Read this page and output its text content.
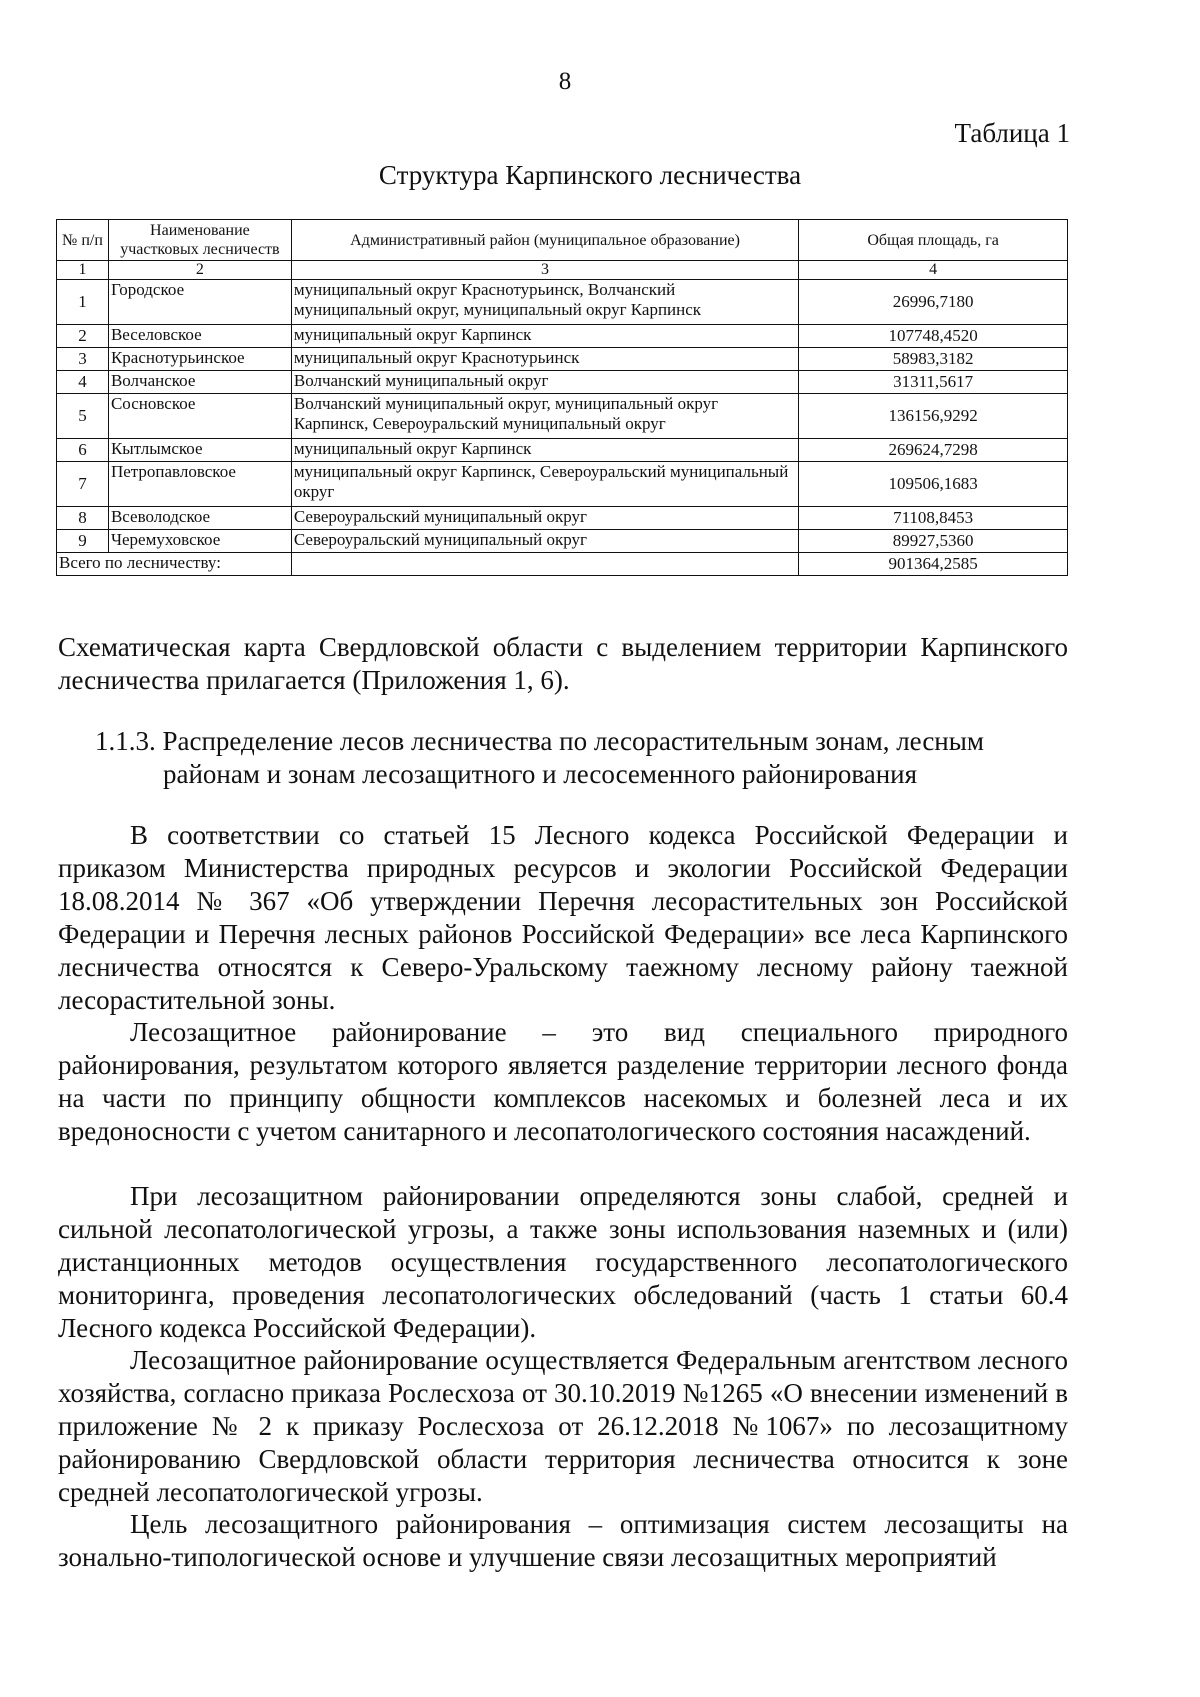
8
Таблица 1
Структура Карпинского лесничества
№ п/п	Наименование участковых лесничеств	Административный район (муниципальное образование)	Общая площадь, га
1	2	3	4
1	Городское	муниципальный округ Краснотурьинск, Волчанский муниципальный округ, муниципальный округ Карпинск	26996,7180
2	Веселовское	муниципальный округ Карпинск	107748,4520
3	Краснотурьинское	муниципальный округ Краснотурьинск	58983,3182
4	Волчанское	Волчанский муниципальный округ	31311,5617
5	Сосновское	Волчанский муниципальный округ, муниципальный округ Карпинск, Североуральский муниципальный округ	136156,9292
6	Кытлымское	муниципальный округ Карпинск	269624,7298
7	Петропавловское	муниципальный округ Карпинск, Североуральский муниципальный округ	109506,1683
8	Всеволодское	Североуральский муниципальный округ	71108,8453
9	Черемуховское	Североуральский муниципальный округ	89927,5360
Всего по лесничеству:			901364,2585
Схематическая карта Свердловской области с выделением территории Карпинского лесничества прилагается (Приложения 1, 6).
1.1.3. Распределение лесов лесничества по лесорастительным зонам, лесным
районам и зонам лесозащитного и лесосеменного районирования
В соответствии со статьей 15 Лесного кодекса Российской Федерации и приказом Министерства природных ресурсов и экологии Российской Федерации 18.08.2014 № 367 «Об утверждении Перечня лесорастительных зон Российской Федерации и Перечня лесных районов Российской Федерации» все леса Карпинского лесничества относятся к Северо-Уральскому таежному лесному району таежной лесорастительной зоны.
Лесозащитное районирование – это вид специального природного районирования, результатом которого является разделение территории лесного фонда на части по принципу общности комплексов насекомых и болезней леса и их вредоносности с учетом санитарного и лесопатологического состояния насаждений.
При лесозащитном районировании определяются зоны слабой, средней и сильной лесопатологической угрозы, а также зоны использования наземных и (или) дистанционных методов осуществления государственного лесопатологического мониторинга, проведения лесопатологических обследований (часть 1 статьи 60.4 Лесного кодекса Российской Федерации).
Лесозащитное районирование осуществляется Федеральным агентством лесного хозяйства, согласно приказа Рослесхоза от 30.10.2019 №1265 «О внесении изменений в приложение № 2 к приказу Рослесхоза от 26.12.2018 №1067» по лесозащитному районированию Свердловской области территория лесничества относится к зоне средней лесопатологической угрозы.
Цель лесозащитного районирования – оптимизация систем лесозащиты на зонально-типологической основе и улучшение связи лесозащитных мероприятий
